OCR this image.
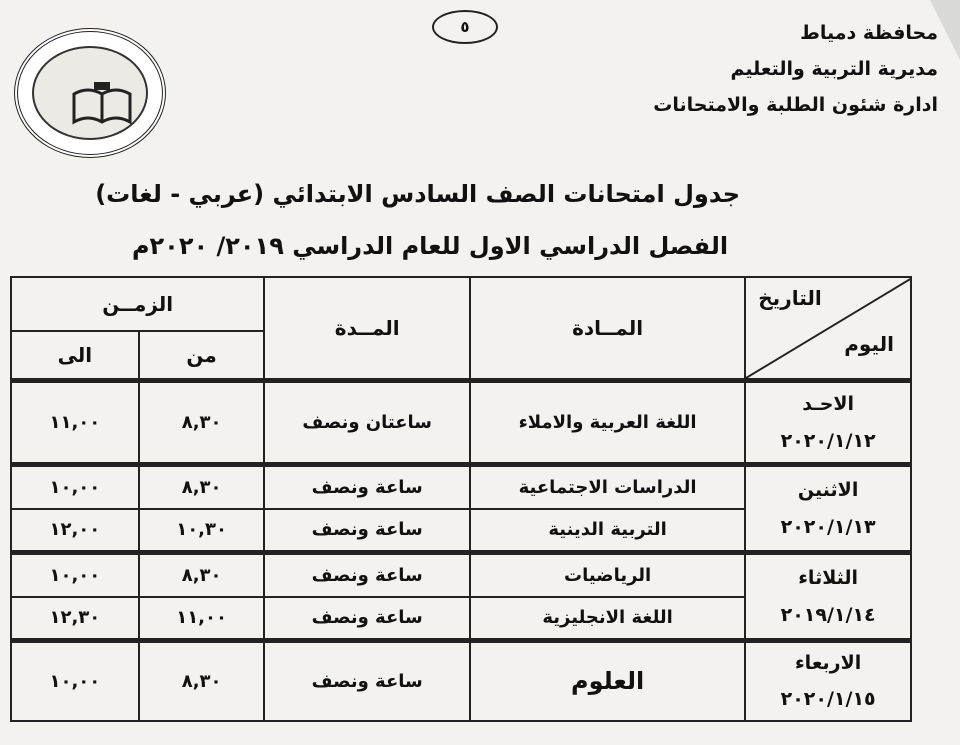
٥	محافظة دمياط
مديرية التربية والتعليم
ادارة شئون الطلبة والامتحانات
جدول امتحانات الصف السادس الابتدائي (عربي - لغات)
الفصل الدراسي الاول للعام الدراسي ٢٠١٩/ ٢٠٢٠م
التاريخ
اليوم	المــادة	المــدة	الزمــن	
			من	الى

الاحـد
٢٠٢٠/١/١٢	اللغة العربية والاملاء	ساعتان ونصف	٨,٣٠	١١,٠٠

الاثنين
٢٠٢٠/١/١٣	الدراسات الاجتماعية	ساعة ونصف	٨,٣٠	١٠,٠٠
	التربية الدينية	ساعة ونصف	١٠,٣٠	١٢,٠٠

الثلاثاء
٢٠١٩/١/١٤	الرياضيات	ساعة ونصف	٨,٣٠	١٠,٠٠
	اللغة الانجليزية	ساعة ونصف	١١,٠٠	١٢,٣٠

الاربعاء
٢٠٢٠/١/١٥	العلوم	ساعة ونصف	٨,٣٠	١٠,٠٠
